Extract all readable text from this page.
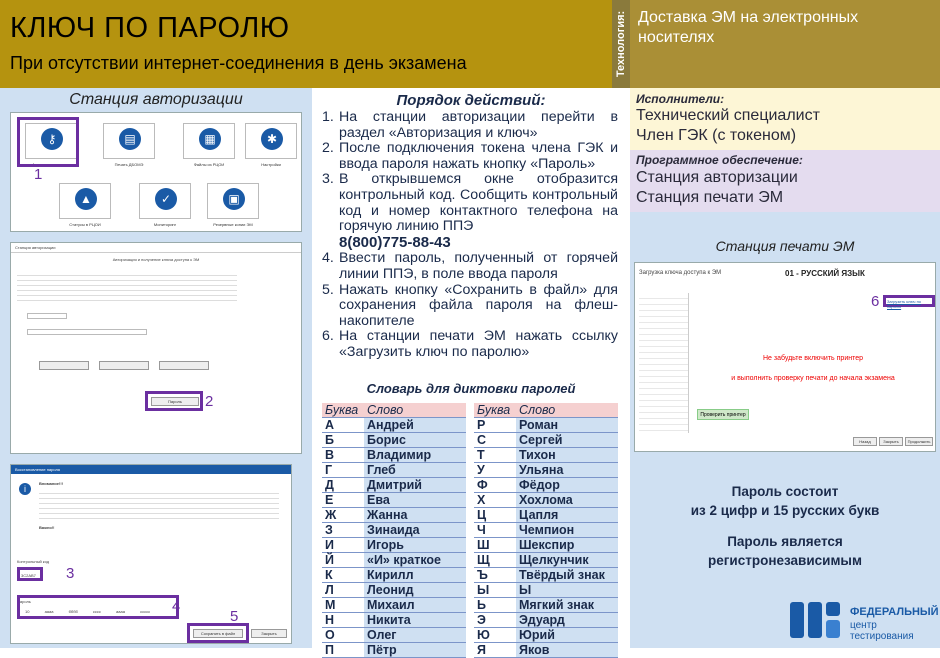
КЛЮЧ ПО ПАРОЛЮ
При отсутствии интернет-соединения в день экзамена	Технология: Доставка ЭМ на электронных носителях
Станция авторизации
⚷
Авторизация и ключ
▤
Печать ДБОМЭ
▦
Файлы из РЦОИ
✱
Настройки
▲
Статусы в РЦОИ
✓
Мониторинг
▣
Резервные копии ЭМ
1
Станция авторизации
Авторизация и получение ключа доступа к ЭМ
Пароль	2
Восстановление пароля
i
Внимание!!!
Важно!!
Контрольный код
3C2AB7
Пароль
10	аааа	бббб	сссс	аааа	ccccc
Сохранить в файл	Закрыть
3
4
5
Порядок действий:
1. На станции авторизации перейти в раздел «Авторизация и ключ»
2. После подключения токена члена ГЭК и ввода пароля нажать кнопку «Пароль»
3. В открывшемся окне отобразится контрольный код. Сообщить контрольный код и номер контактного телефона на горячую линию ППЭ
8(800)775-88-43
4. Ввести пароль, полученный от горячей линии ППЭ, в поле ввода пароля
5. Нажать кнопку «Сохранить в файл» для сохранения файла пароля на флеш-накопителе
6. На станции печати ЭМ нажать ссылку «Загрузить ключ по паролю»
Словарь для диктовки паролей
Буква	Слово
А	Андрей
Б	Борис
В	Владимир
Г	Глеб
Д	Дмитрий
Е	Ева
Ж	Жанна
З	Зинаида
И	Игорь
Й	«И» краткое
К	Кирилл
Л	Леонид
М	Михаил
Н	Никита
О	Олег
П	Пётр
Буква	Слово
Р	Роман
С	Сергей
Т	Тихон
У	Ульяна
Ф	Фёдор
Х	Хохлома
Ц	Цапля
Ч	Чемпион
Ш	Шекспир
Щ	Щелкунчик
Ъ	Твёрдый знак
Ы	Ы
Ь	Мягкий знак
Э	Эдуард
Ю	Юрий
Я	Яков
Исполнители:
Технический специалист
Член ГЭК (с токеном)
Программное обеспечение:
Станция авторизации
Станция печати ЭМ
Станция печати ЭМ
Загрузка ключа доступа к ЭМ	01 - РУССКИЙ ЯЗЫК
6 Загрузить ключ по паролю
Не забудьте включить принтер
и выполнить проверку печати до начала экзамена
Проверить принтер
Назад	Закрыть	Продолжить
Пароль состоит
из 2 цифр и 15 русских букв
Пароль является
регистронезависимым
ФЕДЕРАЛЬНЫЙ
центр тестирования
